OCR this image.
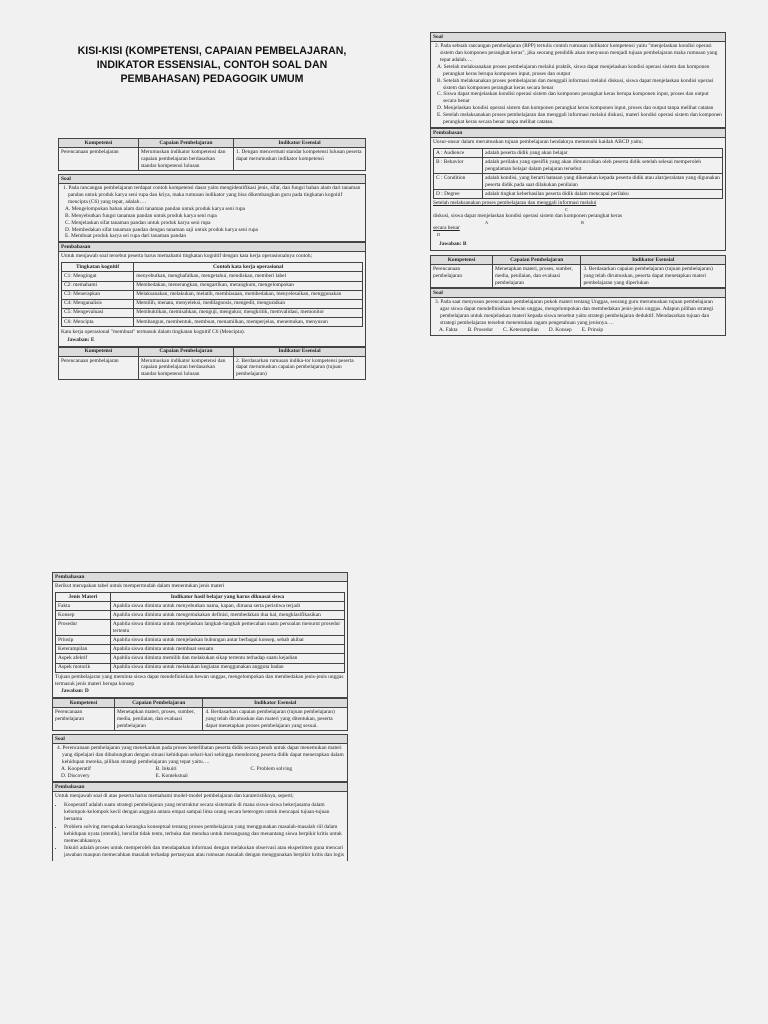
KISI-KISI (KOMPETENSI, CAPAIAN PEMBELAJARAN, INDIKATOR ESSENSIAL, CONTOH SOAL DAN PEMBAHASAN) PEDAGOGIK UMUM
Kompetensi	Capaian Pembelajaran	Indikator Esensial
Perencanaan pembelajaran	Merumuskan indikator kompetensi dan capaian pembelajaran berdasarkan standar kompetensi lulusan	1. Dengan mencermati standar kompetensi lulusan peserta dapat merumuskan indikator kompetensi
Soal
1. Pada rancangan pembelajaran terdapat contoh kompetensi dasar yaitu mengidentifikasi jenis, sifat, dan fungsi bahan alam dari tanaman pandan untuk produk karya seni rupa dan kriya, maka rumusan indikator yang bisa dikembangkan guru pada tingkatan kognitif mencipta (C6) yang tepat, adalah….
A. Mengelompokan bahan alam dari tanaman pandan untuk produk karya seni rupa
B. Menyebutkan fungsi tanaman pandan untuk produk karya seni rupa
C. Menjelaskan sifat tanaman pandan untuk produk karya seni rupa
D. Membedakan sifat tanaman pandan dengan tanaman saji untuk produk karya seni rupa
E. Membuat produk karya sei rupa dari tanaman pandan
Pembahasan
Untuk menjawab soal tersebut peserta harus memahami tingkatan kognitif dengan kata kerja operasionalnya contoh;
Tingkatan kognitif	Contoh kata kerja operasional
C1: Mengingat	menyebutkan, menghafalkan, mengetahui, mendiskan, memberi label
C2: memahami	Membedakan, menerangkan, mengartikan, merangkum, mengelompokan
C3: Menerapkan	Melaksanakan, melakukan, melatih, membiasaan, membedakan, menyelesaikan, menggunakan
C4: Menganalisis	Memilih, menata, menyeleksi, medilagnosis, mengedit, menguraikan
C5: Mengevaluasi	Membuktikan, memisahkan, menguji, mengukur, mengkritik, memvalidasi, memonitor
C6: Mencipta	Membangun, membentuk, membuat, menamilkan, memperjelas, menemukan, menyusun
Kata kerja operasional "membuat" termasuk dalam tingkatan kognitif C6 (Mencipta).
Jawaban: E
Kompetensi	Capaian Pembelajaran	Indikator Esensial
Perencanaan pembelajaran	Merumuskan indikator kompetensi dan capaian pembelajaran berdasarkan standar kompetensi lulusan	2. Berdasarkan rumusan indika-tor kompetensi peserta dapat merumuskan capaian pembelajaran (tujuan pembelajaran)
Soal
2. Pada sebuah rancangan pembelajaran (RPP) tertulis contoh rumusan indikator kompetensi yaitu "menjelaskan kondisi operasi sistem dan komponen perangkat keras", jika seorang pendidik akan menyusun menjadi tujuan pembelajaran maka rumusan yang tepat adalah….
A. Setelah melaksanakan proses pembelajaran melalui praktik, siswa dapat menjelaskan kondisi operasi sistem dan komponen perangkat keras berupa komponen input, proses dan output
B. Setelah melaksanakan proses pembelajaran dan menggali informasi melalui diskusi, siswa dapat menjelaskan kondisi operasi sistem dan komponen perangkat keras secara benar
C. Siswa dapat menjelaskan kondisi operasi sistem dan komponen perangkat keras berupa komponen input, proses dan output secara benar
D. Menjelaskan kondisi operasi sistem dan komponen perangkat keras komponen input, proses dan output tanpa melihat catatan
E. Setelah melaksanakan proses pembelajaran dan menggali informasi melalui diskusi, materi kondisi operasi sistem dan komponen perangkat keras secara benar tanpa melihat catatan.
Pembahasan
Unsur-unsur dalam merumuskan tujuan pembelajaran hendaknya memenuhi kaidah ABCD yaitu;
A : Audience	adalah peserta didik yang akan belajar
B : Behavior	adalah perilaku yang spesifik yang akan dimunculkan oleh peserta didik setelah selesai memperoleh pengalaman belajar dalam pelajaran tersebut
C : Condition	adalah kondisi, yang berarti batasan yang dikenakan kepada peserta didik atau alat/peralatan yang digunakan peserta didik pada saat dilakukan penilaian
D : Degree	adalah tingkat keberhasilan peserta didik dalam mencapai perilaku
Setelah melaksanakan proses pembelajaran dan menggali informasi melalui
C
diskusi, siswa dapat menjelaskan kondisi operasi sistem dan komponen perangkat keras
A	B
secara benar
D
Jawaban: B
Kompetensi	Capaian Pembelajaran	Indikator Esensial
Perencanaan pembelajaran	Menetapkan materi, proses, sumber, media, penilaian, dan evaluasi pembelajaran	3. Berdasarkan capaian pembelajaran (tujuan pembelajaran) yang telah dirumuskan, peserta dapat menetapkan materi pembelajaran yang diperlukan
Soal
3. Pada saat menyusun perencanaan pembelajaran pokok materi tentang Unggas, seorang guru merumuskan tujuan pembelajaran agar siswa dapat mendefinisikan hewan unggas, mengelompokan dan membedakan jenis-jenis unggas. Adapun pilihan strategi pembelajaran untuk menjelaskan materi kepada siswa tersebut yaitu strategi pembelajaran deduktif. Mendasarkan tujuan dan strategi pembelajaran tersebut menentukan ragam pengetahuan yang jenisnya….
A. Fakta B. Prosedur C. Keterampilan D. Konsep E. Prinsip
Pembahasan
Berikut merupakan tabel untuk mempermudah dalam menentukan jenis materi
Jenis Materi	Indikator hasil belajar yang harus dikuasai siswa
Fakta	Apabila siswa diminta untuk menyebutkan nama, kapan, dimana serta peristiwa terjadi
Konsep	Apabila siswa diminta untuk mengemukakan definisi, membedakan dua hal, mengklasifikasikan
Prosedur	Apabila siswa diminta untuk menjelaskan langkah-langkah pemecahan suatu persoalan menurut prosedur tertentu
Prinsip	Apabila siswa diminta untuk menjelaskan hubungan antar berbagai konsep, sebab akibat
Keterampilan	Apabila siswa diminta untuk membuat sesuatu
Aspek afektif	Apabila siswa diminta memilih dan melakukan sikap tertentu terhadap suatu kejadian
Aspek motorik	Apabila siswa diminta untuk melakukan kegiatan menggunakan anggota badan
Tujuan pembelajaran yang meminta siswa dapat mendefinisikan hewan unggas, mengelompokan dan membedakan jenis-jenis unggas termasuk jenis materi berupa konsep
Jawaban: D
Kompetensi	Capaian Pembelajaran	Indikator Esensial
Perencanaan pembelajaran	Menetapkan materi, proses, sumber, media, penilaian, dan evaluasi pembelajaran	4. Berdasarkan capaian pembelajaran (tujuan pembelajaran) yang telah dirumuskan dan materi yang ditentukan, peserta dapat menetapkan proses pembelajaran yang sesuai.
Soal
4. Perencanaan pembelajaran yang menekankan pada proses keterlibatan peserta didik secara penuh untuk dapat menemukan materi yang dipelajari dan dihubungkan dengan situasi kehidupan sehari-hari sehingga mendorong peserta didik dapat menerapkan dalam kehidupan mereka, pilihan strategi pembelajaran yang tepat yaitu….
A. Kooperatif	B. Inkuiri	C. Problem solving
D. Discovery	E. Kontekstual
Pembahasan
Untuk menjawab soal di atas peserta harus memahami model-model pembelajaran dan karateristiknya, seperti;
• Kooperatif adalah suatu strategi pembelajaran yang terstruktur secara sistematis di mana siswa-siswa bekerjasama dalam kelompok-kelompok kecil dengan anggota antara empat sampai lima orang secara heterogen untuk mencapai tujuan-tujuan bersama
• Problem solving merupakan kerangka konseptual tentang proses pembelajaran yang menggunakan masalah-masalah riil dalam kehidupan nyata (otentik), bersifat tidak tentu, terbuka dan mendua untuk merangsang dan menantang siswa berpikir kritis untuk memecahkannya.
• Inkuiri adalah proses untuk memperoleh dan mendapatkan informasi dengan melakukan observasi atau eksperimen guna mencari jawaban maupun memecahkan masalah terhadap pertanyaan atau rumusan masalah dengan menggunakan berpikir kritis dan logis
